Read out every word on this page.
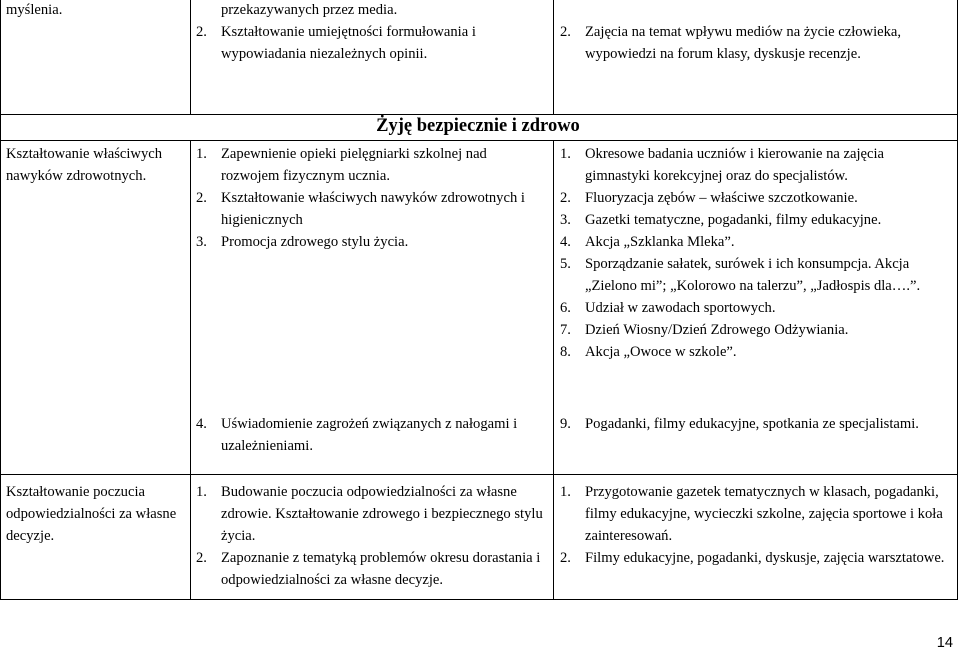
myślenia.	przekazywanych przez media.
2. Kształtowanie umiejętności formułowania i wypowiadania niezależnych opinii.
2. Zajęcia na temat wpływu mediów na życie człowieka, wypowiedzi na forum klasy, dyskusje recenzje.
Żyję bezpiecznie i zdrowo
Kształtowanie właściwych nawyków zdrowotnych.
1. Zapewnienie opieki pielęgniarki szkolnej nad rozwojem fizycznym ucznia.
2. Kształtowanie właściwych nawyków zdrowotnych i higienicznych
3. Promocja zdrowego stylu życia.
1. Okresowe badania uczniów i kierowanie na zajęcia gimnastyki korekcyjnej oraz do specjalistów.
2. Fluoryzacja zębów – właściwe szczotkowanie.
3. Gazetki tematyczne, pogadanki, filmy edukacyjne.
4. Akcja „Szklanka Mleka”.
5. Sporządzanie sałatek, surówek i ich konsumpcja. Akcja „Zielono mi”; „Kolorowo na talerzu”, „Jadłospis dla….”.
6. Udział w zawodach sportowych.
7. Dzień Wiosny/Dzień Zdrowego Odżywiania.
8. Akcja „Owoce w szkole”.
4. Uświadomienie zagrożeń związanych z nałogami i uzależnieniami.
9. Pogadanki, filmy edukacyjne, spotkania ze specjalistami.
Kształtowanie poczucia odpowiedzialności za własne decyzje.
1. Budowanie poczucia odpowiedzialności za własne zdrowie. Kształtowanie zdrowego i bezpiecznego stylu życia.
2. Zapoznanie z tematyką problemów okresu dorastania i odpowiedzialności za własne decyzje.
1. Przygotowanie gazetek tematycznych w klasach, pogadanki, filmy edukacyjne, wycieczki szkolne, zajęcia sportowe i koła zainteresowań.
2. Filmy edukacyjne, pogadanki, dyskusje, zajęcia warsztatowe.
14
